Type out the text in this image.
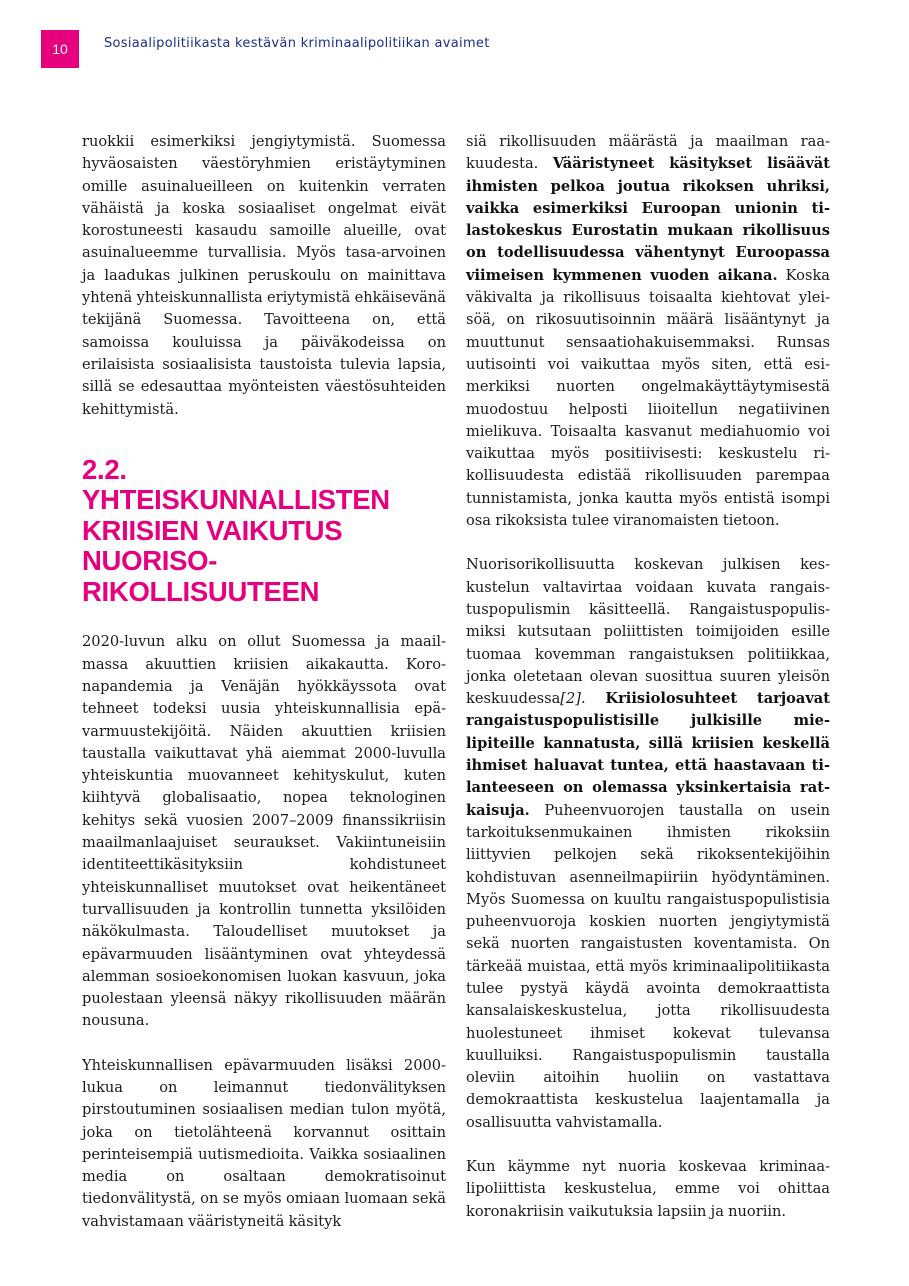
10	Sosiaalipolitiikasta kestävän kriminaalipolitiikan avaimet

ruokkii esimerkiksi jengiytymistä. Suomessa hyväosaisten väestöryhmien eristäytyminen omille asuinalueilleen on kuitenkin verraten vähäistä ja koska sosiaaliset ongelmat eivät korostuneesti kasaudu samoille alueille, ovat asuinalueemme turvallisia. Myös tasa-arvoinen ja laadukas julkinen peruskoulu on mainittava yhtenä yhteiskunnallista eriytymistä ehkäisevänä tekijänä Suomessa. Tavoitteena on, että samoissa kouluissa ja päiväkodeissa on erilaisista sosiaalisista taustoista tulevia lapsia, sillä se edesauttaa myönteisten väestösuhteiden kehittymistä.

2.2.
YHTEISKUNNALLISTEN
KRIISIEN VAIKUTUS
NUORISO-
RIKOLLISUUTEEN

2020-luvun alku on ollut Suomessa ja maailmassa akuuttien kriisien aikakautta. Koronapandemia ja Venäjän hyökkäyssota ovat tehneet todeksi uusia yhteiskunnallisia epävarmuustekijöitä. Näiden akuuttien kriisien taustalla vaikuttavat yhä aiemmat 2000-luvulla yhteiskuntia muovanneet kehityskulut, kuten kiihtyvä globalisaatio, nopea teknologinen kehitys sekä vuosien 2007–2009 finanssikriisin maailmanlaajuiset seuraukset. Vakiintuneisiin identiteettikäsityksiin kohdistuneet yhteiskunnalliset muutokset ovat heikentäneet turvallisuuden ja kontrollin tunnetta yksilöiden näkökulmasta. Taloudelliset muutokset ja epävarmuuden lisääntyminen ovat yhteydessä alemman sosioekonomisen luokan kasvuun, joka puolestaan yleensä näkyy rikollisuuden määrän nousuna.

Yhteiskunnallisen epävarmuuden lisäksi 2000-lukua on leimannut tiedonvälityksen pirstoutuminen sosiaalisen median tulon myötä, joka on tietolähteenä korvannut osittain perinteisempiä uutismedioita. Vaikka sosiaalinen media on osaltaan demokratisoinut tiedonvälitystä, on se myös omiaan luomaan sekä vahvistamaan vääristyneitä käsityk

siä rikollisuuden määrästä ja maailman raakuudesta. Vääristyneet käsitykset lisäävät ihmisten pelkoa joutua rikoksen uhriksi, vaikka esimerkiksi Euroopan unionin tilastokeskus Eurostatin mukaan rikollisuus on todellisuudessa vähentynyt Euroopassa viimeisen kymmenen vuoden aikana. Koska väkivalta ja rikollisuus toisaalta kiehtovat yleisöä, on rikosuutisoinnin määrä lisääntynyt ja muuttunut sensaatiohakuisemmaksi. Runsas uutisointi voi vaikuttaa myös siten, että esimerkiksi nuorten ongelmakäyttäytymisestä muodostuu helposti liioitellun negatiivinen mielikuva. Toisaalta kasvanut mediahuomio voi vaikuttaa myös positiivisesti: keskustelu rikollisuudesta edistää rikollisuuden parempaa tunnistamista, jonka kautta myös entistä isompi osa rikoksista tulee viranomaisten tietoon.

Nuorisorikollisuutta koskevan julkisen keskustelun valtavirtaa voidaan kuvata rangaistuspopulismin käsitteellä. Rangaistuspopulismiksi kutsutaan poliittisten toimijoiden esille tuomaa kovemman rangaistuksen politiikkaa, jonka oletetaan olevan suosittua suuren yleisön keskuudessa[2]. Kriisiolosuhteet tarjoavat rangaistuspopulistisille julkisille mielipiteille kannatusta, sillä kriisien keskellä ihmiset haluavat tuntea, että haastavaan tilanteeseen on olemassa yksinkertaisia ratkaisuja. Puheenvuorojen taustalla on usein tarkoituksenmukainen ihmisten rikoksiin liittyvien pelkojen sekä rikoksentekijöihin kohdistuvan asenneilmapiiriin hyödyntäminen. Myös Suomessa on kuultu rangaistuspopulistisia puheenvuoroja koskien nuorten jengiytymistä sekä nuorten rangaistusten koventamista. On tärkeää muistaa, että myös kriminaalipolitiikasta tulee pystyä käydä avointa demokraattista kansalaiskeskustelua, jotta rikollisuudesta huolestuneet ihmiset kokevat tulevansa kuulluiksi. Rangaistuspopulismin taustalla oleviin aitoihin huoliin on vastattava demokraattista keskustelua laajentamalla ja osallisuutta vahvistamalla.

Kun käymme nyt nuoria koskevaa kriminaalipoliittista keskustelua, emme voi ohittaa koronakriisin vaikutuksia lapsiin ja nuoriin.
